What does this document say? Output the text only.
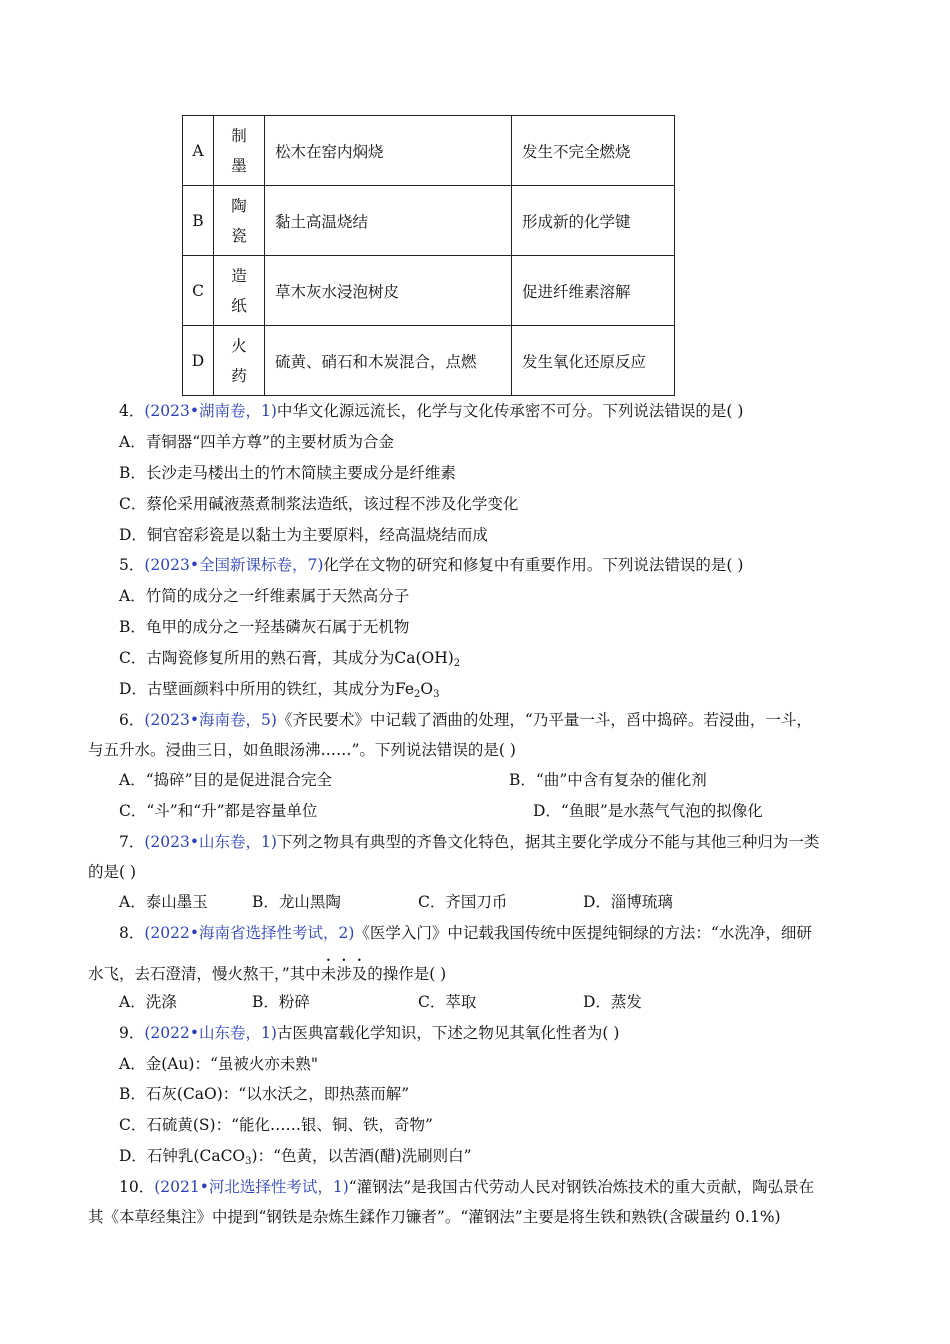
A	制墨	松木在窑内焖烧	发生不完全燃烧
B	陶瓷	黏土高温烧结	形成新的化学键
C	造纸	草木灰水浸泡树皮	促进纤维素溶解
D	火药	硫黄、硝石和木炭混合，点燃	发生氧化还原反应
4．(2023•湖南卷，1)中华文化源远流长，化学与文化传承密不可分。下列说法错误的是( )
A．青铜器“四羊方尊”的主要材质为合金
B．长沙走马楼出土的竹木简牍主要成分是纤维素
C．蔡伦采用碱液蒸煮制浆法造纸，该过程不涉及化学变化
D．铜官窑彩瓷是以黏土为主要原料，经高温烧结而成
5．(2023•全国新课标卷，7)化学在文物的研究和修复中有重要作用。下列说法错误的是( )
A．竹简的成分之一纤维素属于天然高分子
B．龟甲的成分之一羟基磷灰石属于无机物
C．古陶瓷修复所用的熟石膏，其成分为$Ca(OH)_2$
D．古壁画颜料中所用的铁红，其成分为$Fe_2O_3$
6．(2023•海南卷，5)《齐民要术》中记载了酒曲的处理，“乃平量一斗，舀中捣碎。若浸曲，一斗，
与五升水。浸曲三日，如鱼眼汤沸……”。下列说法错误的是( )
A．“捣碎”目的是促进混合完全	B．“曲”中含有复杂的催化剂
C．“斗”和“升”都是容量单位	D．“鱼眼”是水蒸气气泡的拟像化
7．(2023•山东卷，1)下列之物具有典型的齐鲁文化特色，据其主要化学成分不能与其他三种归为一类
的是( )
A．泰山墨玉	B．龙山黑陶	C．齐国刀币	D．淄博琉璃
8．(2022•海南省选择性考试，2)《医学入门》中记载我国传统中医提纯铜绿的方法：“水洗净，细研
水飞，去石澄清，慢火熬干，”其中未涉及的操作是( )
A．洗涤	B．粉碎	C．萃取	D．蒸发
9．(2022•山东卷，1)古医典富载化学知识，下述之物见其氧化性者为( )
A．金(Au)：“虽被火亦未熟"
B．石灰(CaO)：“以水沃之，即热蒸而解”
C．石硫黄(S)：“能化……银、铜、铁，奇物”
D．石钟乳(CaCO$_3$)：“色黄，以苦酒(醋)洗刷则白”
10．(2021•河北选择性考试，1)“灌钢法”是我国古代劳动人民对钢铁冶炼技术的重大贡献，陶弘景在
其《本草经集注》中提到“钢铁是杂炼生鍒作刀镰者”。“灌钢法”主要是将生铁和熟铁(含碳量约 0.1%)
